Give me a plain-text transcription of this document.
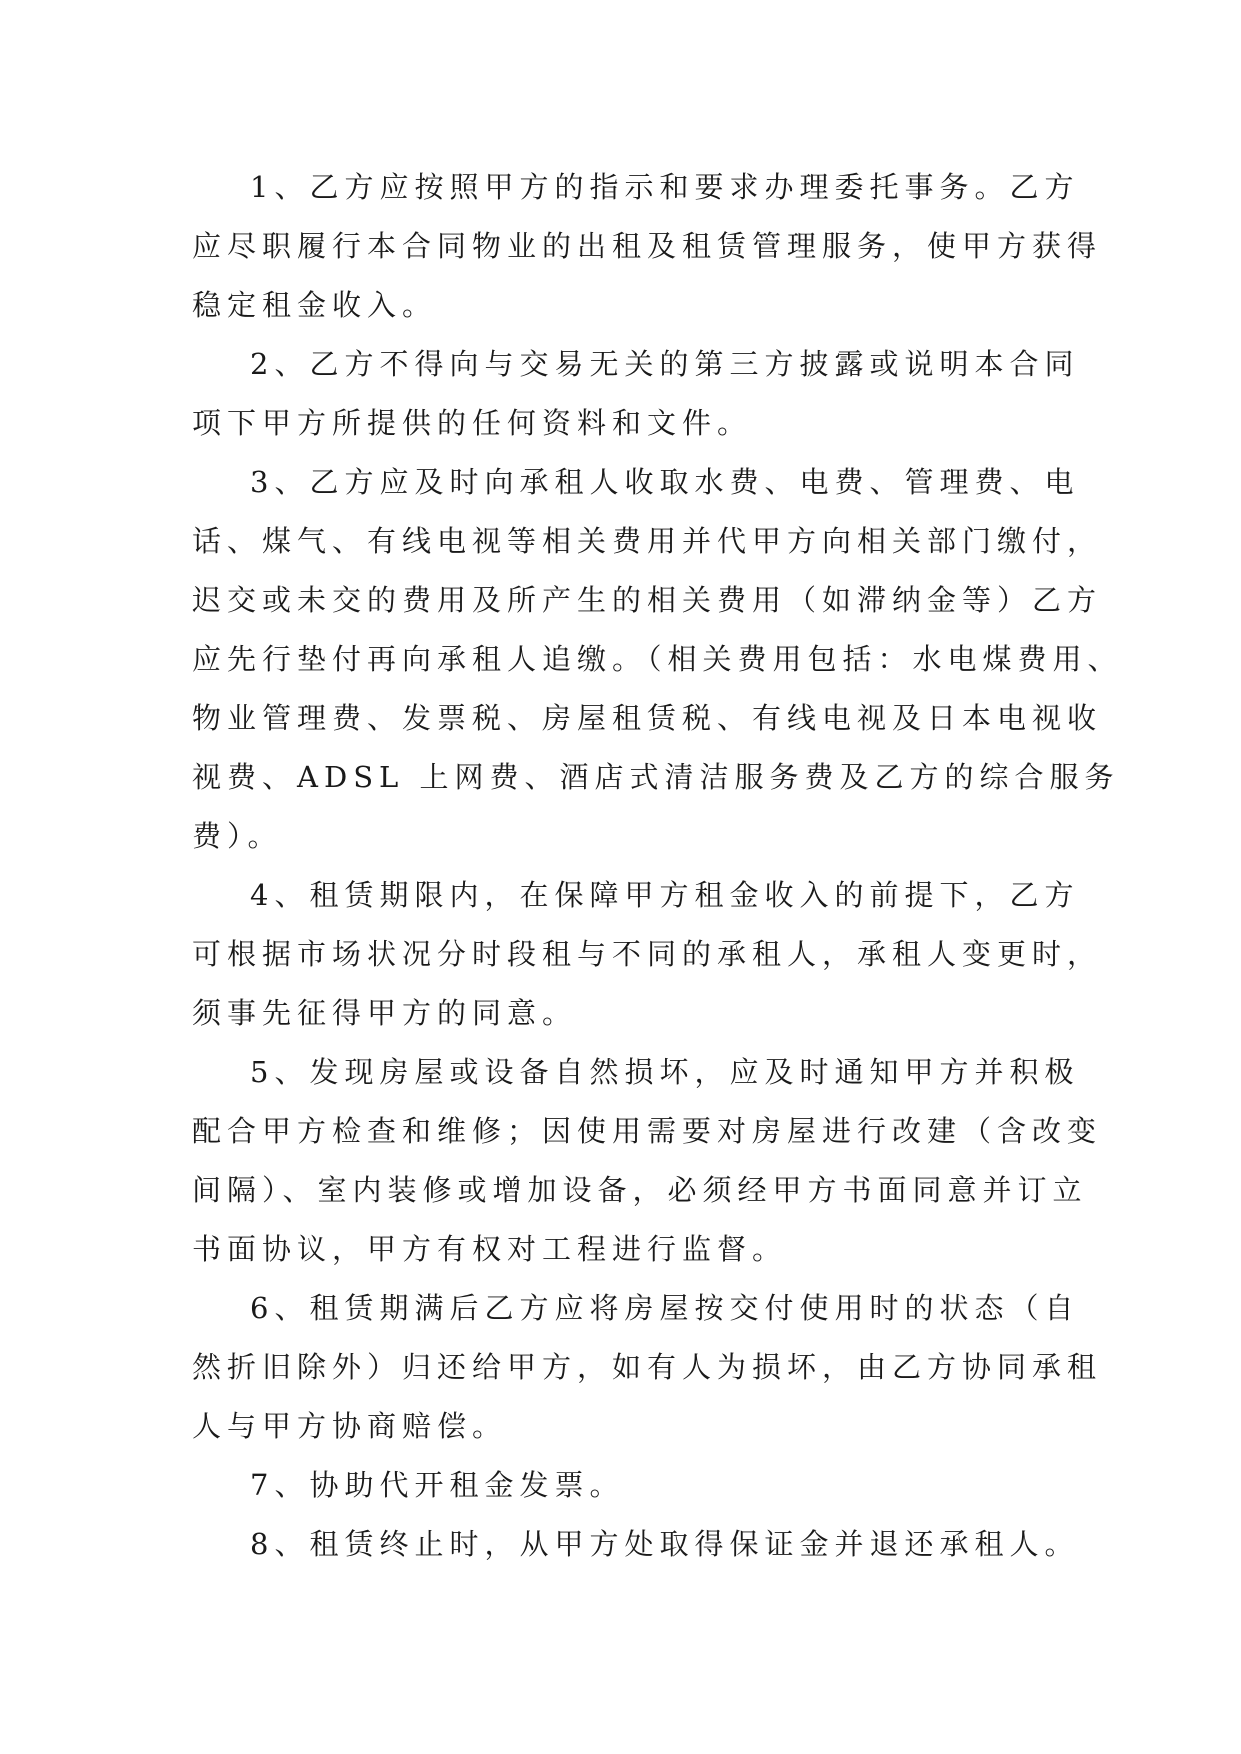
1、乙方应按照甲方的指示和要求办理委托事务。乙方
应尽职履行本合同物业的出租及租赁管理服务，使甲方获得
稳定租金收入。
2、乙方不得向与交易无关的第三方披露或说明本合同
项下甲方所提供的任何资料和文件。
3、乙方应及时向承租人收取水费、电费、管理费、电
话、煤气、有线电视等相关费用并代甲方向相关部门缴付，
迟交或未交的费用及所产生的相关费用（如滞纳金等）乙方
应先行垫付再向承租人追缴。（相关费用包括：水电煤费用、
物业管理费、发票税、房屋租赁税、有线电视及日本电视收
视费、ADSL 上网费、酒店式清洁服务费及乙方的综合服务
费）。
4、租赁期限内，在保障甲方租金收入的前提下，乙方
可根据市场状况分时段租与不同的承租人，承租人变更时，
须事先征得甲方的同意。
5、发现房屋或设备自然损坏，应及时通知甲方并积极
配合甲方检查和维修；因使用需要对房屋进行改建（含改变
间隔）、室内装修或增加设备，必须经甲方书面同意并订立
书面协议，甲方有权对工程进行监督。
6、租赁期满后乙方应将房屋按交付使用时的状态（自
然折旧除外）归还给甲方，如有人为损坏，由乙方协同承租
人与甲方协商赔偿。
7、协助代开租金发票。
8、租赁终止时，从甲方处取得保证金并退还承租人。
